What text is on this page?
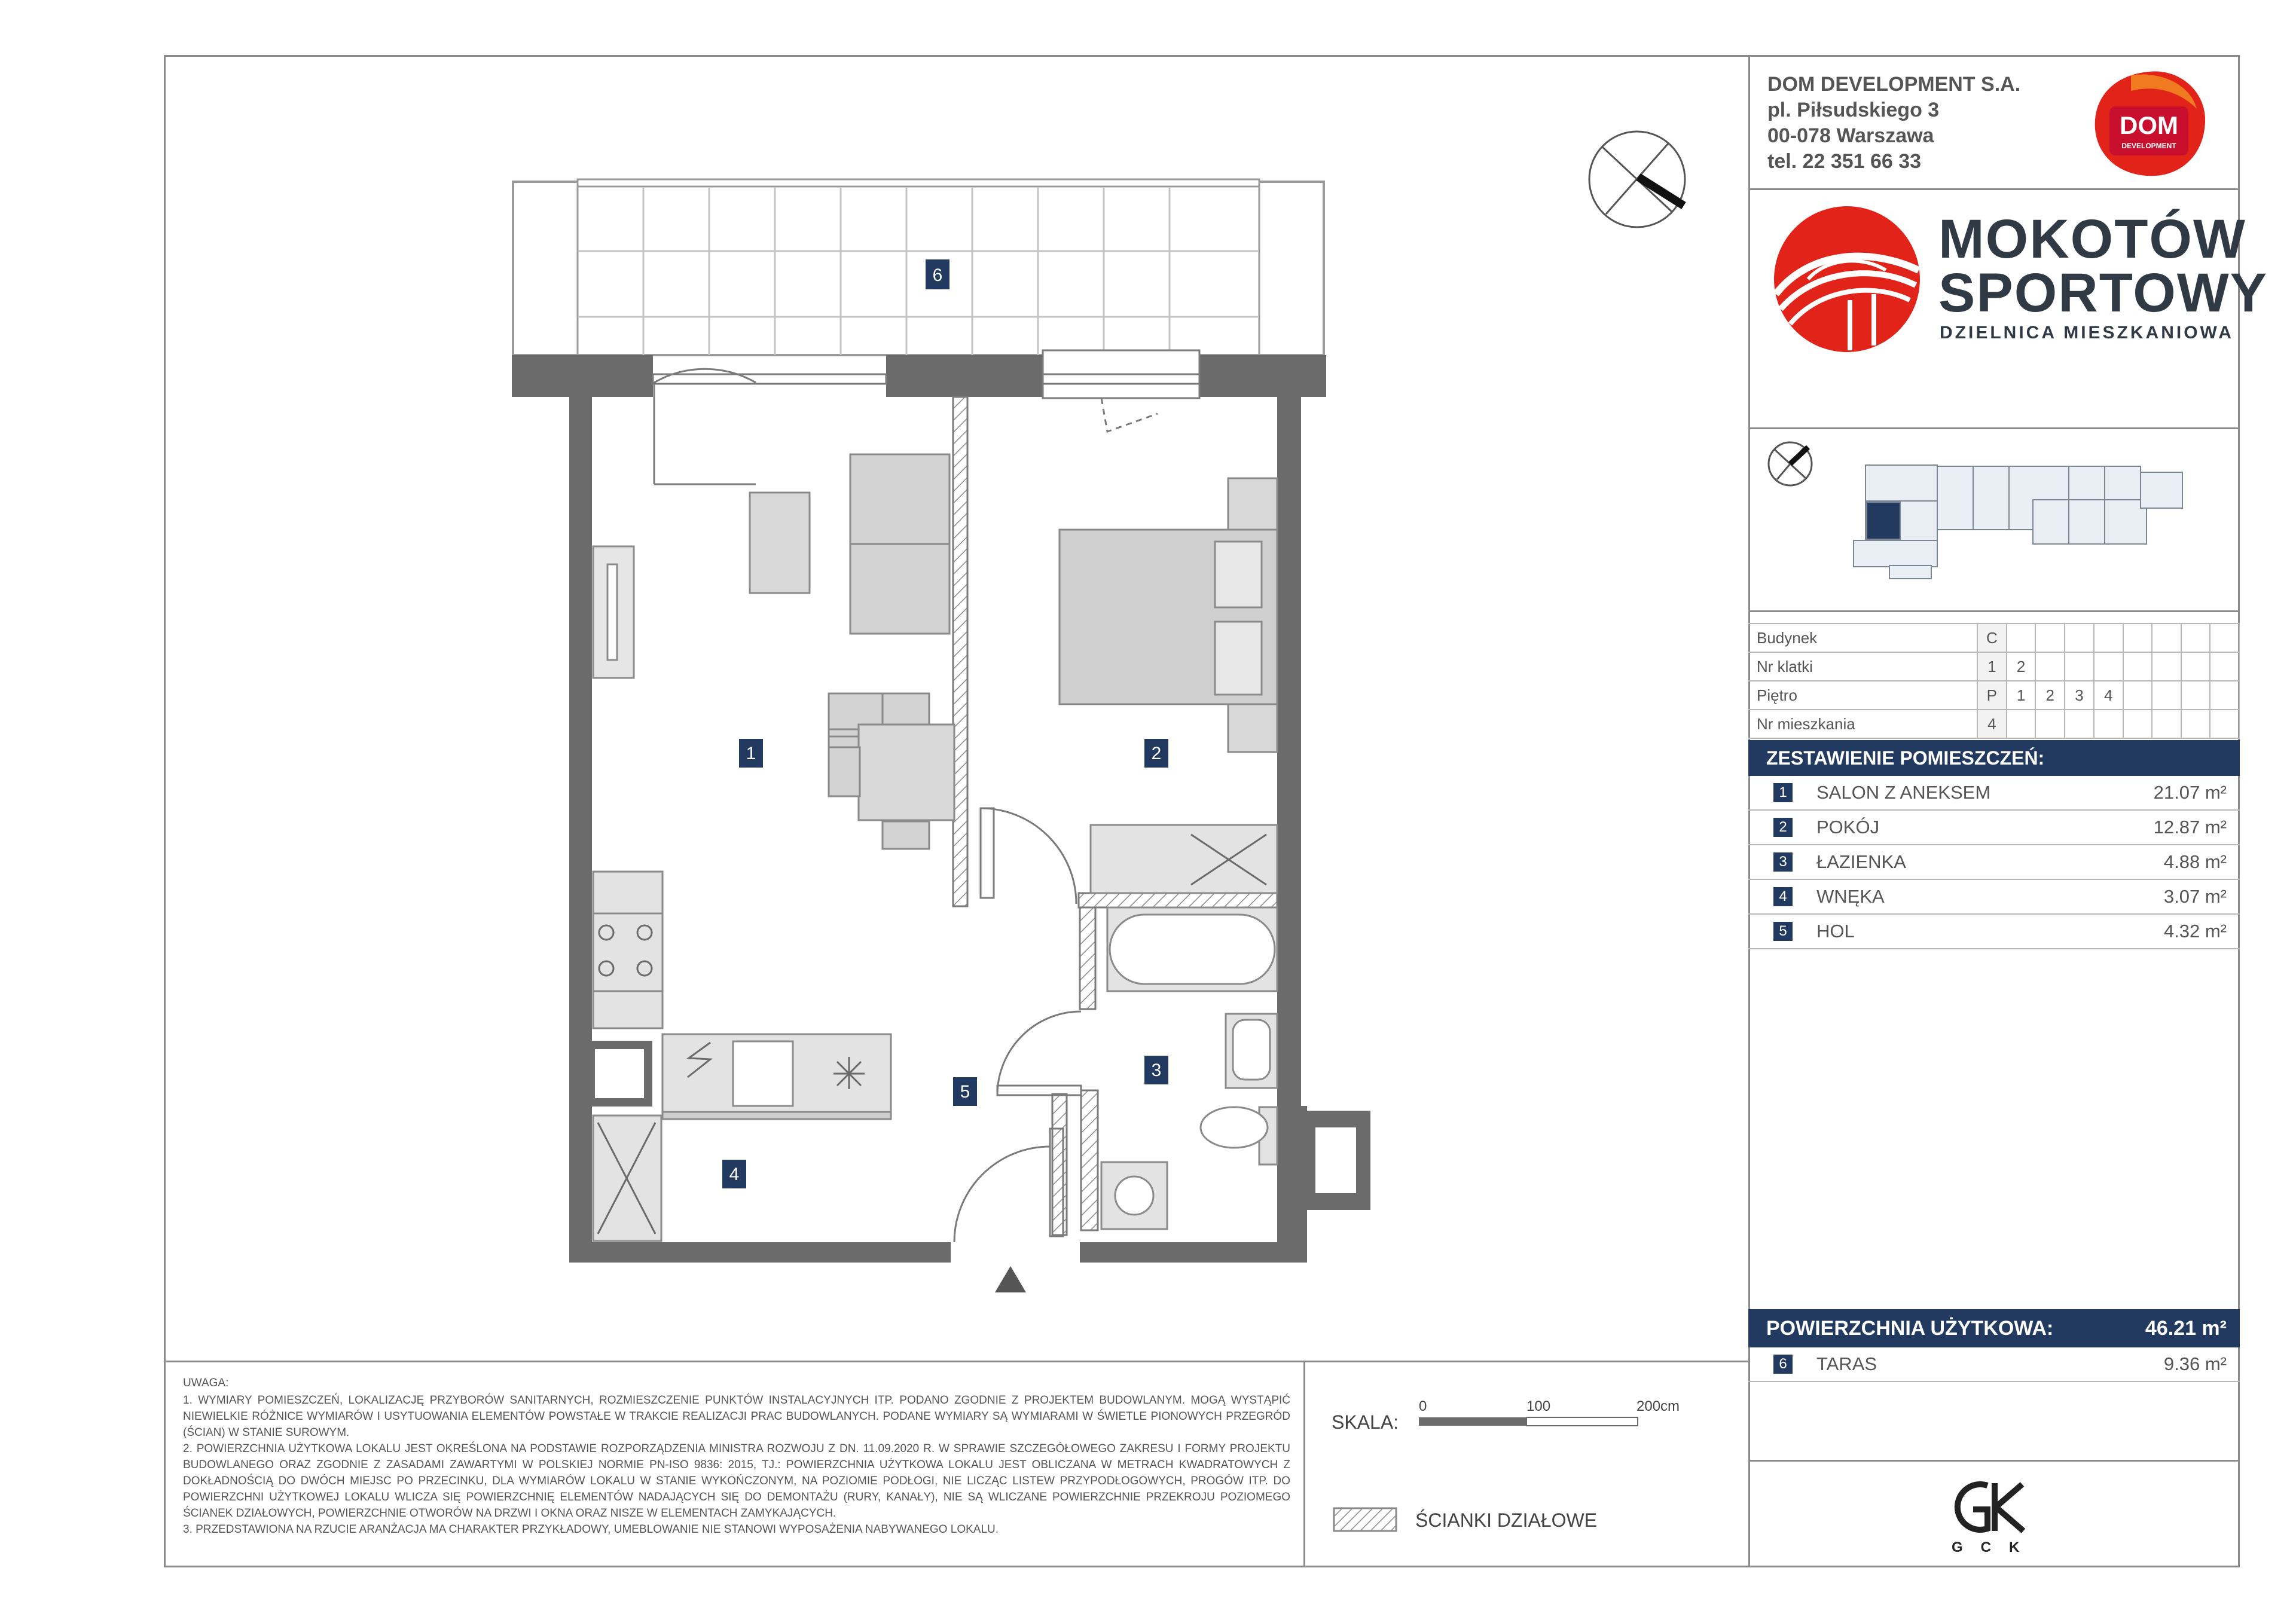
6
1	2
3
5
4
DOM DEVELOPMENT S.A.
pl. Piłsudskiego 3
00-078 Warszawa
tel. 22 351 66 33
DOM
DEVELOPMENT
MOKOTÓW
SPORTOWY
DZIELNICA MIESZKANIOWA
Budynek	C								
Nr klatki	1	2							
Piętro	P	1	2	3	4				
Nr mieszkania	4								
ZESTAWIENIE POMIESZCZEŃ:
1	SALON Z ANEKSEM	21.07 m²
2	POKÓJ	12.87 m²
3	ŁAZIENKA	4.88 m²
4	WNĘKA	3.07 m²
5	HOL	4.32 m²
POWIERZCHNIA UŻYTKOWA:	46.21 m²
6	TARAS	9.36 m²
GCK
UWAGA:
1. WYMIARY POMIESZCZEŃ, LOKALIZACJĘ PRZYBORÓW SANITARNYCH, ROZMIESZCZENIE PUNKTÓW INSTALACYJNYCH ITP. PODANO ZGODNIE Z PROJEKTEM BUDOWLANYM. MOGĄ WYSTĄPIĆ NIEWIELKIE RÓŻNICE WYMIARÓW I USYTUOWANIA ELEMENTÓW POWSTAŁE W TRAKCIE REALIZACJI PRAC BUDOWLANYCH. PODANE WYMIARY SĄ WYMIARAMI W ŚWIETLE PIONOWYCH PRZEGRÓD (ŚCIAN) W STANIE SUROWYM.
2. POWIERZCHNIA UŻYTKOWA LOKALU JEST OKREŚLONA NA PODSTAWIE ROZPORZĄDZENIA MINISTRA ROZWOJU Z DN. 11.09.2020 R. W SPRAWIE SZCZEGÓŁOWEGO ZAKRESU I FORMY PROJEKTU BUDOWLANEGO ORAZ ZGODNIE Z ZASADAMI ZAWARTYMI W POLSKIEJ NORMIE PN-ISO 9836: 2015, TJ.: POWIERZCHNIA UŻYTKOWA LOKALU JEST OBLICZANA W METRACH KWADRATOWYCH Z DOKŁADNOŚCIĄ DO DWÓCH MIEJSC PO PRZECINKU, DLA WYMIARÓW LOKALU W STANIE WYKOŃCZONYM, NA POZIOMIE PODŁOGI, NIE LICZĄC LISTEW PRZYPODŁOGOWYCH, PROGÓW ITP. DO POWIERZCHNI UŻYTKOWEJ LOKALU WLICZA SIĘ POWIERZCHNIĘ ELEMENTÓW NADAJĄCYCH SIĘ DO DEMONTAŻU (RURY, KANAŁY), NIE SĄ WLICZANE POWIERZCHNIE PRZEKROJU POZIOMEGO ŚCIANEK DZIAŁOWYCH, POWIERZCHNIE OTWORÓW NA DRZWI I OKNA ORAZ NISZE W ELEMENTACH ZAMYKAJĄCYCH.
3. PRZEDSTAWIONA NA RZUCIE ARANŻACJA MA CHARAKTER PRZYKŁADOWY, UMEBLOWANIE NIE STANOWI WYPOSAŻENIA NABYWANEGO LOKALU.
SKALA:
0	100	200cm
ŚCIANKI DZIAŁOWE
